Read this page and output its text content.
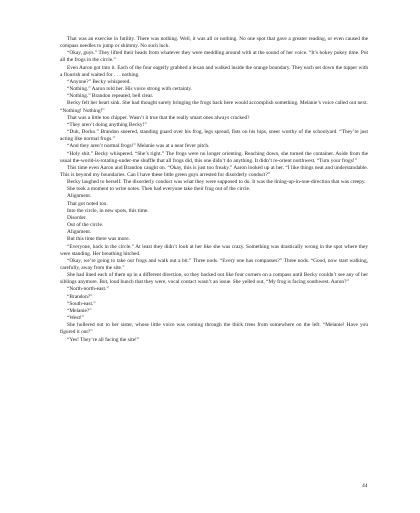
That was an exercise in futility. There was nothing. Well, it was all or nothing. No one spot that gave a greater reading, or even caused the compass needles to jump or shimmy. No such luck.

“Okay, guys.” They lifted their heads from whatever they were meddling around with at the sound of her voice. “It’s hokey pokey time. Put all the frogs in the circle.”

Even Aaron got into it. Each of the four eagerly grabbed a lexan and walked inside the orange boundary. They each set down the tupper with a flourish and waited for . . . nothing.

“Anyone?” Becky whispered.

“Nothing.” Aaron told her. His voice strong with certainty.

“Nothing.” Brandon repeated, bell clear.

Becky felt her heart sink. She had thought surely bringing the frogs back here would accomplish something. Melanie’s voice called out next. “Nothing! Nothing!”

That was a little too chipper. Wasn’t it true that the really smart ones always cracked?

“They aren’t doing anything Becky!”

“Duh, Dorko.” Brandon sneered, standing guard over his frog, legs spread, fists on his hips, sneer worthy of the schoolyard. “They’re just acting like normal frogs.”

“And they aren’t normal frogs!” Melanie was at a near fever pitch.

“Holy shit.” Becky whispered. “She’s right.” The frogs were no longer orienting. Reaching down, she turned the container. Aside from the usual the-world-is-rotating-under-me shuffle that all frogs did, this one didn’t do anything. It didn’t re-orient northwest. “Turn your frogs!”

This time even Aaron and Brandon caught on. “Okay, this is just too freaky.” Aaron looked up at her. “I like things neat and understandable. This is beyond my boundaries. Can I have these little green guys arrested for disorderly conduct?”

Becky laughed to herself. The disorderly conduct was what they were supposed to do. It was the lining-up-in-one-direction that was creepy.

She took a moment to write notes. Then had everyone take their frog out of the circle.

Alignment.

That got noted too.

Into the circle, in new spots, this time.

Disorder.

Out of the circle.

Alignment.

But this time there was more.

“Everyone, back in the circle.” At least they didn’t look at her like she was crazy. Something was drastically wrong in the spot where they were standing. Her breathing hitched.

“Okay, we’re going to take our frogs and walk out a bit.” Three nods. “Every one has compasses?” Three nods. “Good, now start walking, carefully, away from the site.”

She had lined each of them up in a different direction, so they backed out like four corners on a compass until Becky couldn’t see any of her siblings anymore. But, loud bunch that they were, vocal contact wasn’t an issue. She yelled out, “My frog is facing southwest. Aaron?”

“North-north-east.”

“Brandon?”

“South-east.”

“Melanie?”

“West!”

She hollered out to her sister, whose little voice was coming through the thick trees from somewhere on the left. “Melanie! Have you figured it out?”

“Yes! They’re all facing the site!”

44
